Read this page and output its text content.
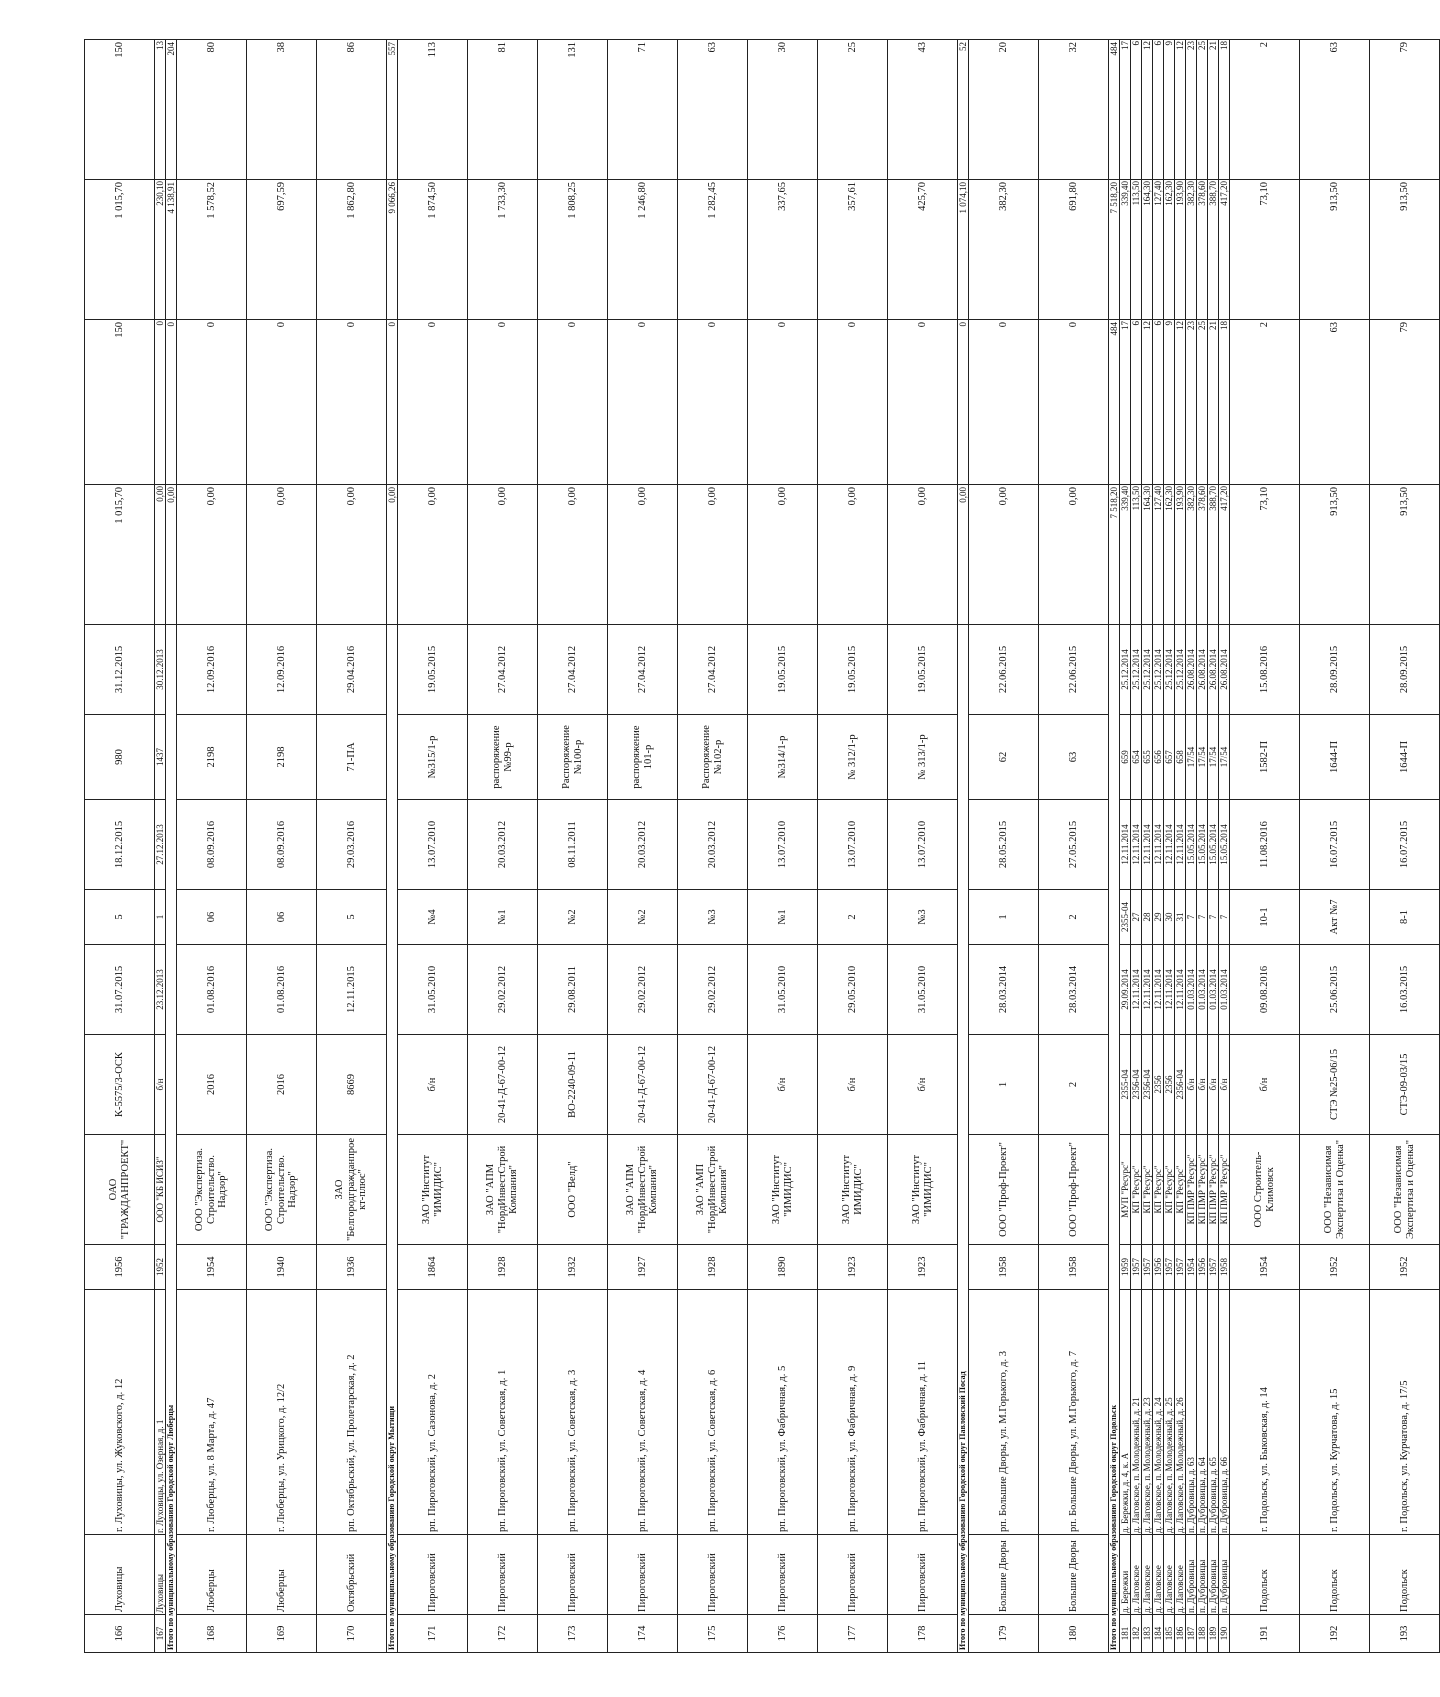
166	Луховицы	г. Луховицы, ул. Жуковского, д. 12	1956	ОАО "ГРАЖДАНПРОЕКТ"	К-5575/3-ОСК	31.07.2015	5	18.12.2015	980	31.12.2015	1 015,70	150	1 015,70	150
167	Луховицы	г. Луховицы, ул. Озерная, д. 1	1952	ООО "КБ ИСИЗ"	б/н	23.12.2013	1	27.12.2013	1437	30.12.2013	0,00	0	230,10	13
Итого по муниципальному образованию Городской округ Люберцы											0,00	0	4 138,91	204
168	Люберцы	г. Люберцы, ул. 8 Марта, д. 47	1954	ООО "Экспертиза. Строительство. Надзор"	2016	01.08.2016	06	08.09.2016	2198	12.09.2016	0,00	0	1 578,52	80
169	Люберцы	г. Люберцы, ул. Урицкого, д. 12/2	1940	ООО "Экспертиза. Строительство. Надзор"	2016	01.08.2016	06	08.09.2016	2198	12.09.2016	0,00	0	697,59	38
170	Октябрьский	рп. Октябрьский, ул. Пролетарская, д. 2	1936	ЗАО "Белгородгражданпроект-плюс"	8669	12.11.2015	5	29.03.2016	71-ПА	29.04.2016	0,00	0	1 862,80	86
Итого по муниципальному образованию Городской округ Мытищи											0,00	0	9 066,26	557
171	Пироговский	рп. Пироговский, ул. Сазонова, д. 2	1864	ЗАО "Институт "ИМИДИС"	б/н	31.05.2010	№4	13.07.2010	№315/1-р	19.05.2015	0,00	0	1 874,50	113
172	Пироговский	рп. Пироговский, ул. Советская, д. 1	1928	ЗАО "АПМ "НордИнвестСтрой Компания"	20-41-Д-67-00-12	29.02.2012	№1	20.03.2012	распоряжение №99-р	27.04.2012	0,00	0	1 733,30	81
173	Пироговский	рп. Пироговский, ул. Советская, д. 3	1932	ООО "Велд"	ВО-2240-09-11	29.08.2011	№2	08.11.2011	Распоряжение №100-р	27.04.2012	0,00	0	1 808,25	131
174	Пироговский	рп. Пироговский, ул. Советская, д. 4	1927	ЗАО "АПМ "НордИнвестСтрой Компания"	20-41-Д-67-00-12	29.02.2012	№2	20.03.2012	распоряжение 101-р	27.04.2012	0,00	0	1 246,80	71
175	Пироговский	рп. Пироговский, ул. Советская, д. 6	1928	ЗАО "АМП "НордИнвестСтрой Компания"	20-41-Д-67-00-12	29.02.2012	№3	20.03.2012	Распоряжение №102-р	27.04.2012	0,00	0	1 282,45	63
176	Пироговский	рп. Пироговский, ул. Фабричная, д. 5	1890	ЗАО "Институт "ИМИДИС"	б/н	31.05.2010	№1	13.07.2010	№314/1-р	19.05.2015	0,00	0	337,65	30
177	Пироговский	рп. Пироговский, ул. Фабричная, д. 9	1923	ЗАО "Институт ИМИДИС"	б/н	29.05.2010	2	13.07.2010	№ 312/1-р	19.05.2015	0,00	0	357,61	25
178	Пироговский	рп. Пироговский, ул. Фабричная, д. 11	1923	ЗАО "Институт "ИМИДИС"	б/н	31.05.2010	№3	13.07.2010	№ 313/1-р	19.05.2015	0,00	0	425,70	43
Итого по муниципальному образованию Городской округ Павловский Посад											0,00	0	1 074,10	52
179	Большие Дворы	рп. Большие Дворы, ул. М.Горького, д. 3	1958	ООО "Проф-Проект"	1	28.03.2014	1	28.05.2015	62	22.06.2015	0,00	0	382,30	20
180	Большие Дворы	рп. Большие Дворы, ул. М.Горького, д. 7	1958	ООО "Проф-Проект"	2	28.03.2014	2	27.05.2015	63	22.06.2015	0,00	0	691,80	32
Итого по муниципальному образованию Городской округ Подольск											7 518,20	484	7 518,20	484
181	д. Бережки	д. Бережки, д. 4, к. А	1959	МУП "Ресурс"	2355-04	29.09.2014	2355-04	12.11.2014	659	25.12.2014	339,40	17	339,40	17
182	д. Лаговское	д. Лаговское, п. Молодежный, д. 21	1957	КП "Ресурс"	2356-04	12.11.2014	27	12.11.2014	654	25.12.2014	113,50	6	113,50	6
183	д. Лаговское	д. Лаговское, п. Молодежный, д. 23	1957	КП "Ресурс"	2356-04	12.11.2014	28	12.11.2014	655	25.12.2014	164,30	12	164,30	12
184	д. Лаговское	д. Лаговское, п. Молодежный, д. 24	1956	КП "Ресурс"	2356	12.11.2014	29	12.11.2014	656	25.12.2014	127,40	6	127,40	6
185	д. Лаговское	д. Лаговское, п. Молодежный, д. 25	1957	КП "Ресурс"	2356	12.11.2014	30	12.11.2014	657	25.12.2014	162,30	9	162,30	9
186	д. Лаговское	д. Лаговское, п. Молодежный, д. 26	1957	КП "Ресурс"	2356-04	12.11.2014	31	12.11.2014	658	25.12.2014	193,90	12	193,90	12
187	п. Дубровицы	п. Дубровицы, д. 63	1954	КП ПМР "Ресурс"	б/н	01.03.2014	7	15.05.2014	17/54	26.08.2014	382,30	23	382,30	23
188	п. Дубровицы	п. Дубровицы, д. 64	1956	КП ПМР "Ресурс"	б/н	01.03.2014	7	15.05.2014	17/54	26.08.2014	378,60	25	378,60	25
189	п. Дубровицы	п. Дубровицы, д. 65	1957	КП ПМР "Ресурс"	б/н	01.03.2014	7	15.05.2014	17/54	26.08.2014	388,70	21	388,70	21
190	п. Дубровицы	п. Дубровицы, д. 66	1958	КП ПМР "Ресурс"	б/н	01.03.2014	7	15.05.2014	17/54	26.08.2014	417,20	18	417,20	18
191	Подольск	г. Подольск, ул. Быковская, д. 14	1954	ООО Строитель-Климовск	б/н	09.08.2016	10-1	11.08.2016	1582-П	15.08.2016	73,10	2	73,10	2
192	Подольск	г. Подольск, ул. Курчатова, д. 15	1952	ООО "Независимая Экспертиза и Оценка"	СТЭ №25-06/15	25.06.2015	Акт №7	16.07.2015	1644-П	28.09.2015	913,50	63	913,50	63
193	Подольск	г. Подольск, ул. Курчатова, д. 17/5	1952	ООО "Независимая Экспертиза и Оценка"	СТЭ-09-03/15	16.03.2015	8-1	16.07.2015	1644-П	28.09.2015	913,50	79	913,50	79
